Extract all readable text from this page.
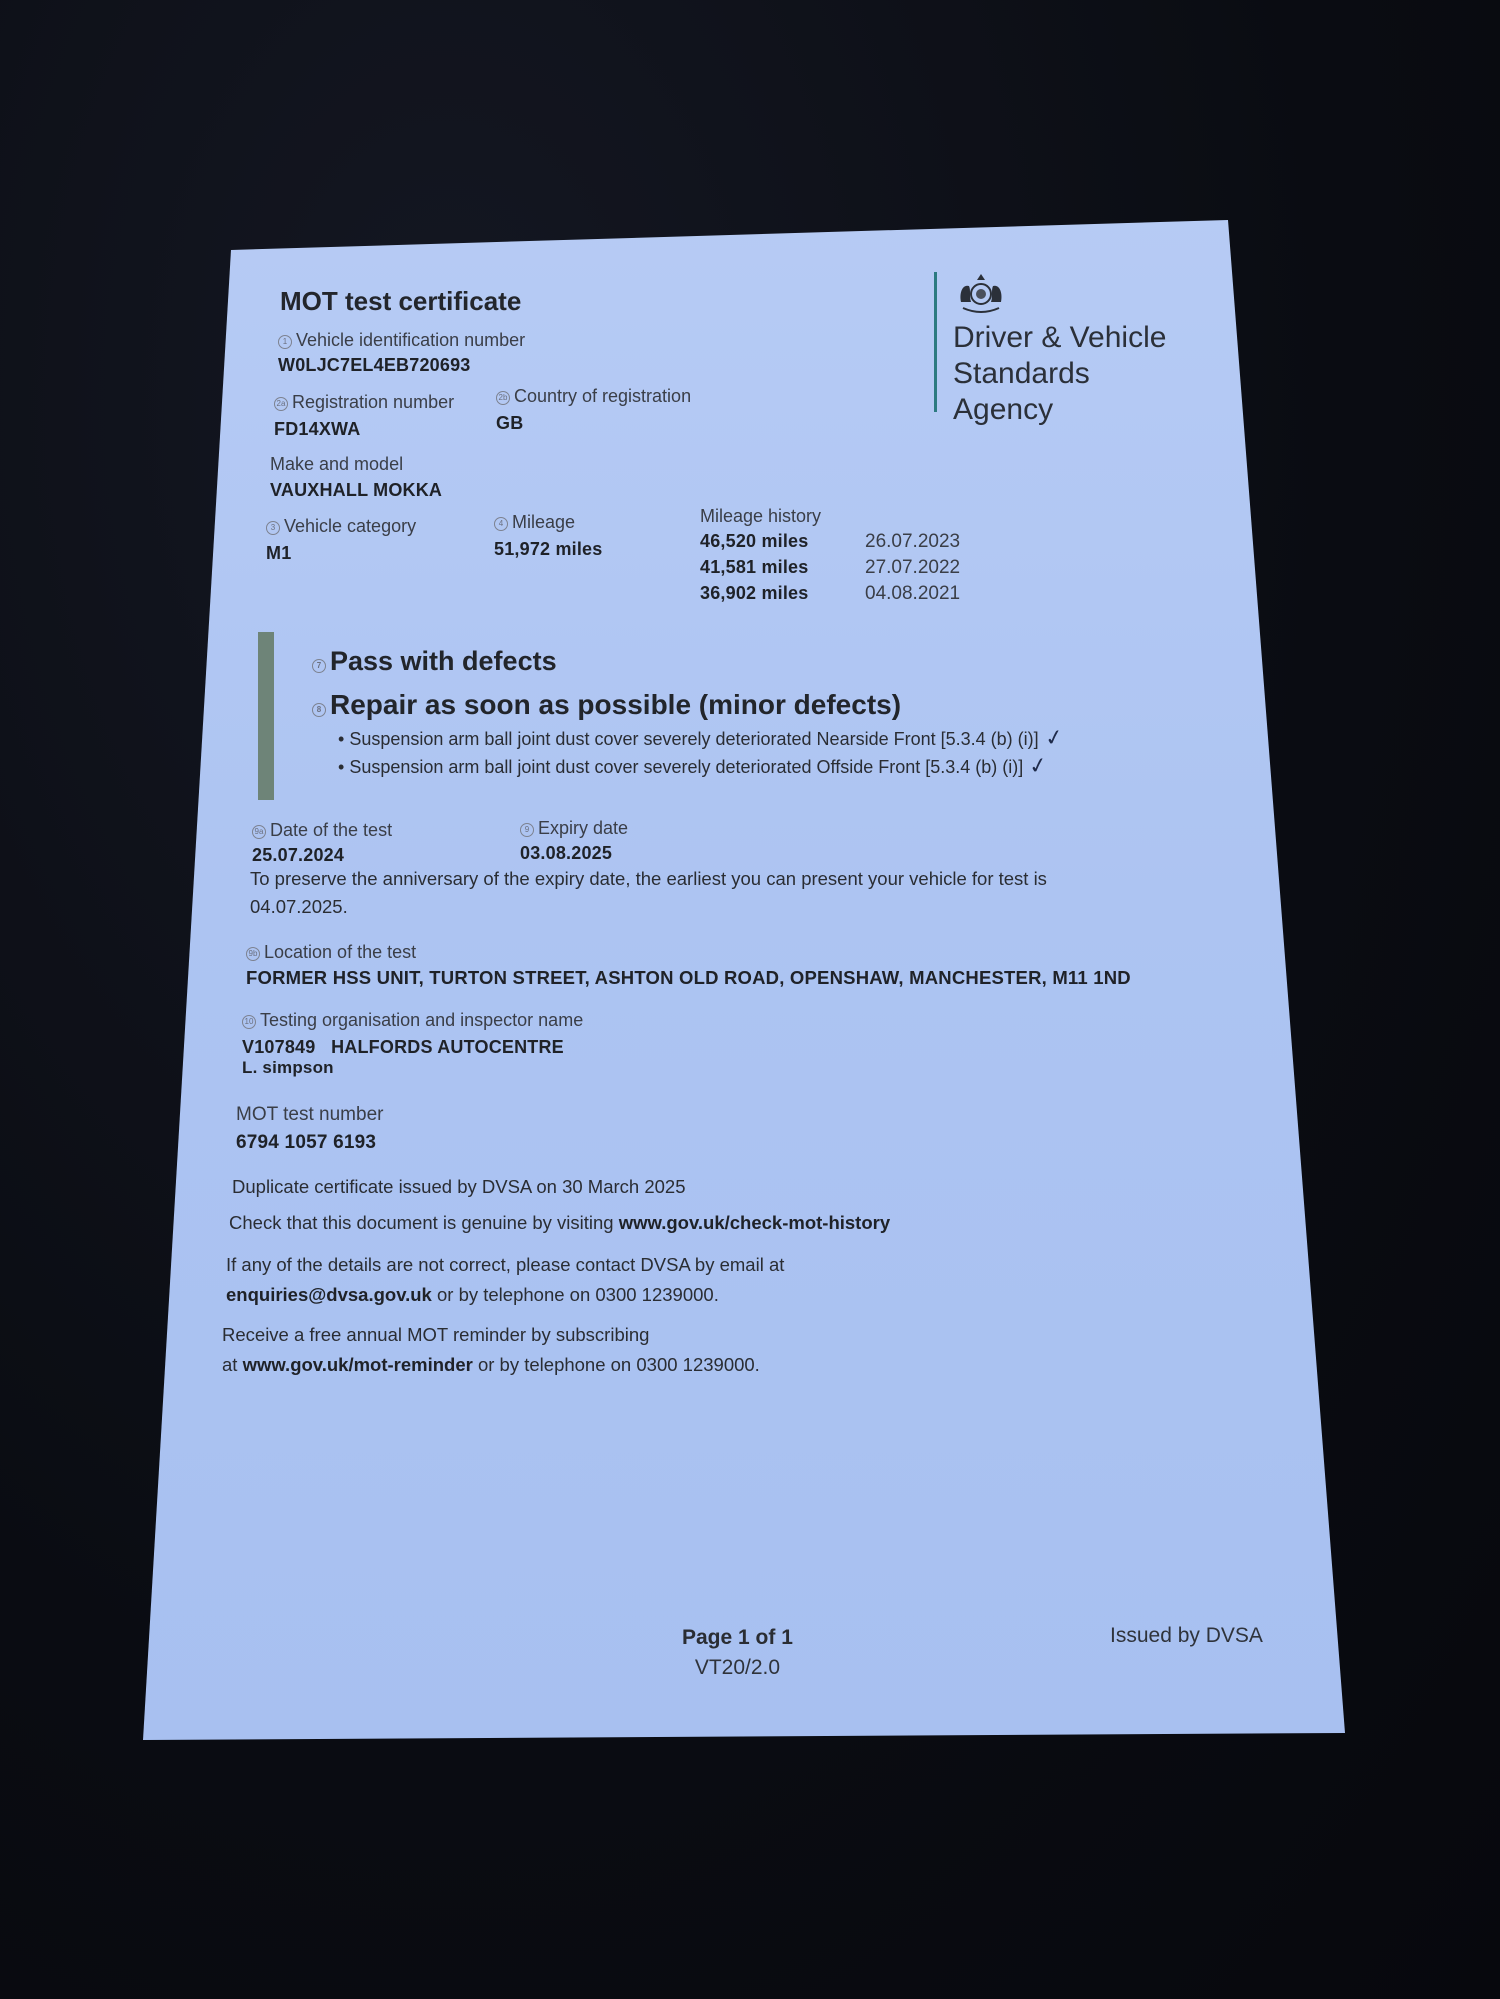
MOT test certificate
Driver & Vehicle
Standards
Agency
1 Vehicle identification number
W0LJC7EL4EB720693
2a Registration number
FD14XWA
2b Country of registration
GB
Make and model
VAUXHALL MOKKA
3 Vehicle category
M1
4 Mileage
51,972 miles
Mileage history
46,520 miles	26.07.2023
41,581 miles	27.07.2022
36,902 miles	04.08.2021
7 Pass with defects
8 Repair as soon as possible (minor defects)
• Suspension arm ball joint dust cover severely deteriorated Nearside Front [5.3.4 (b) (i)] ✓
• Suspension arm ball joint dust cover severely deteriorated Offside Front [5.3.4 (b) (i)] ✓
9a Date of the test
25.07.2024
9 Expiry date
03.08.2025
To preserve the anniversary of the expiry date, the earliest you can present your vehicle for test is
04.07.2025.
9b Location of the test
FORMER HSS UNIT, TURTON STREET, ASHTON OLD ROAD, OPENSHAW, MANCHESTER, M11 1ND
10 Testing organisation and inspector name
V107849 HALFORDS AUTOCENTRE
L. simpson
MOT test number
6794 1057 6193
Duplicate certificate issued by DVSA on 30 March 2025
Check that this document is genuine by visiting www.gov.uk/check-mot-history
If any of the details are not correct, please contact DVSA by email at
enquiries@dvsa.gov.uk or by telephone on 0300 1239000.
Receive a free annual MOT reminder by subscribing
at www.gov.uk/mot-reminder or by telephone on 0300 1239000.
Page 1 of 1
VT20/2.0
Issued by DVSA
